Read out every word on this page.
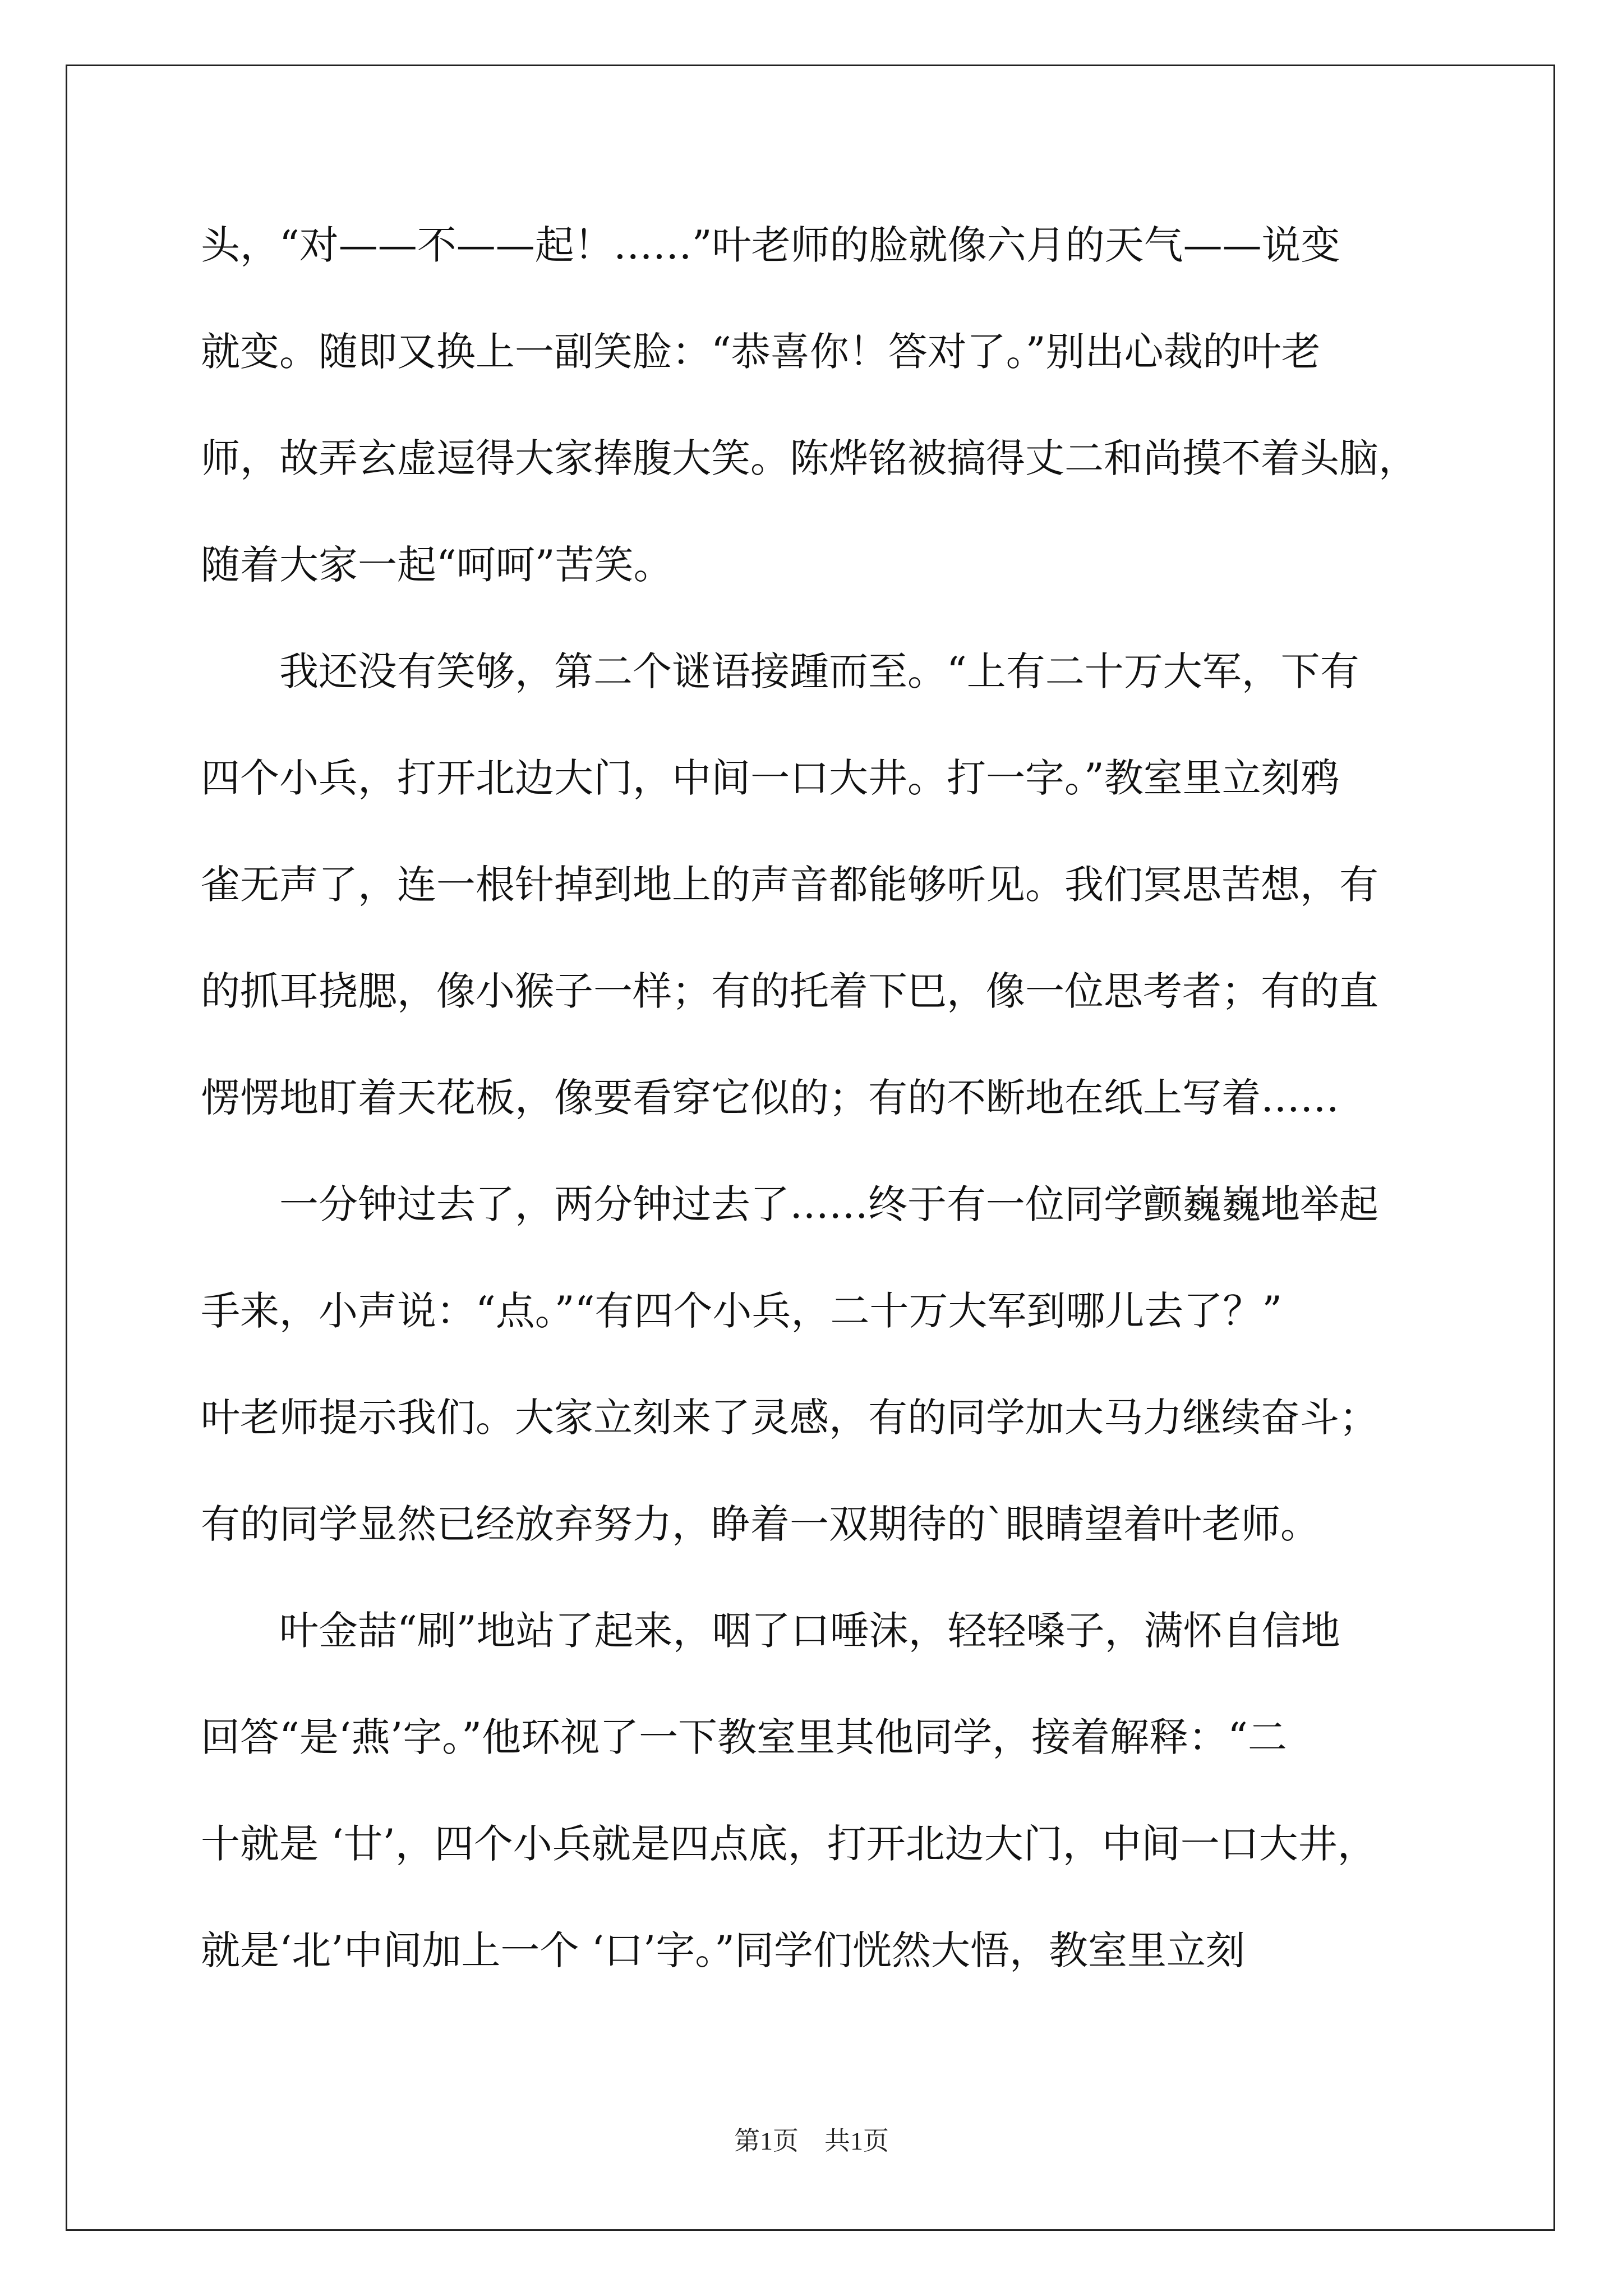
头，“对——不——起！……”叶老师的脸就像六月的天气——说变
就变。随即又换上一副笑脸：“恭喜你！答对了。”别出心裁的叶老
师，故弄玄虚逗得大家捧腹大笑。陈烨铭被搞得丈二和尚摸不着头脑，
随着大家一起“呵呵”苦笑。
我还没有笑够，第二个谜语接踵而至。“上有二十万大军，下有
四个小兵，打开北边大门，中间一口大井。打一字。”教室里立刻鸦
雀无声了，连一根针掉到地上的声音都能够听见。我们冥思苦想，有
的抓耳挠腮，像小猴子一样；有的托着下巴，像一位思考者；有的直
愣愣地盯着天花板，像要看穿它似的；有的不断地在纸上写着……
一分钟过去了，两分钟过去了……终于有一位同学颤巍巍地举起
手来，小声说：“点。”“有四个小兵，二十万大军到哪儿去了？”
叶老师提示我们。大家立刻来了灵感，有的同学加大马力继续奋斗；
有的同学显然已经放弃努力，睁着一双期待的`眼睛望着叶老师。
叶金喆“刷”地站了起来，咽了口唾沫，轻轻嗓子，满怀自信地
回答“是‘燕’字。”他环视了一下教室里其他同学，接着解释：“二
十就是 ‘廿’，四个小兵就是四点底，打开北边大门，中间一口大井，
就是‘北’中间加上一个 ‘口’字。”同学们恍然大悟，教室里立刻
第1页　共1页
